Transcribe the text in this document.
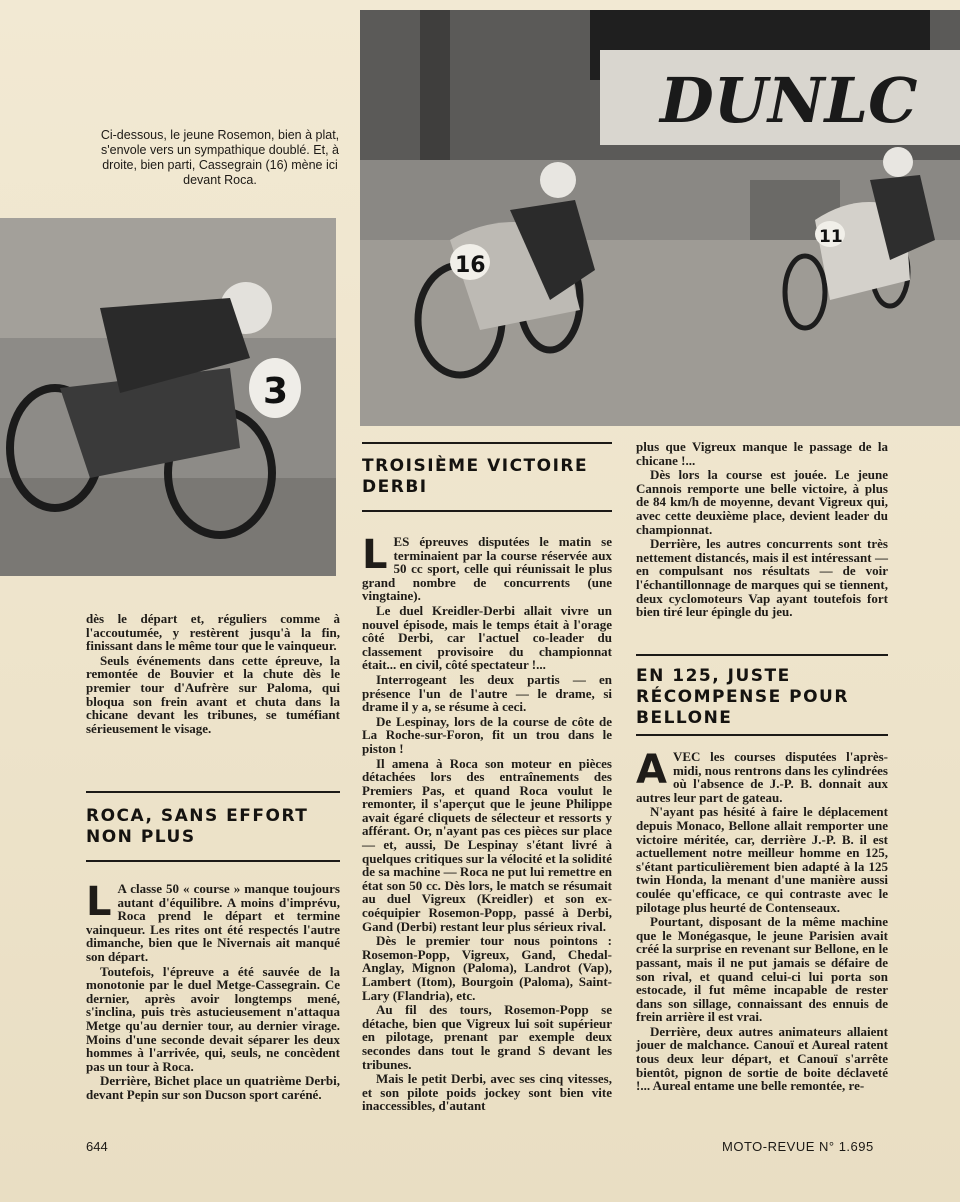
DUNLC
16
11
Ci-dessous, le jeune Rosemon, bien à plat, s'envole vers un sympathique doublé. Et, à droite, bien parti, Cassegrain (16) mène ici devant Roca.
3

dès le départ et, réguliers comme à l'accoutumée, y restèrent jusqu'à la fin, finissant dans le même tour que le vainqueur.

Seuls événements dans cette épreuve, la remontée de Bouvier et la chute dès le premier tour d'Aufrère sur Paloma, qui bloqua son frein avant et chuta dans la chicane devant les tribunes, se tuméfiant sérieusement le visage.

ROCA, SANS EFFORT NON PLUS
L A classe 50 « course » manque toujours autant d'équilibre. A moins d'imprévu, Roca prend le départ et termine vainqueur. Les rites ont été respectés l'autre dimanche, bien que le Nivernais ait manqué son départ.

Toutefois, l'épreuve a été sauvée de la monotonie par le duel Metge-Cassegrain. Ce dernier, après avoir longtemps mené, s'inclina, puis très astucieusement n'attaqua Metge qu'au dernier tour, au dernier virage. Moins d'une seconde devait séparer les deux hommes à l'arrivée, qui, seuls, ne concèdent pas un tour à Roca.

Derrière, Bichet place un quatrième Derbi, devant Pepin sur son Ducson sport caréné.

TROISIÈME VICTOIRE DERBI
L ES épreuves disputées le matin se terminaient par la course réservée aux 50 cc sport, celle qui réunissait le plus grand nombre de concurrents (une vingtaine).

Le duel Kreidler-Derbi allait vivre un nouvel épisode, mais le temps était à l'orage côté Derbi, car l'actuel co-leader du classement provisoire du championnat était... en civil, côté spectateur !...

Interrogeant les deux partis — en présence l'un de l'autre — le drame, si drame il y a, se résume à ceci.

De Lespinay, lors de la course de côte de La Roche-sur-Foron, fit un trou dans le piston !

Il amena à Roca son moteur en pièces détachées lors des entraînements des Premiers Pas, et quand Roca voulut le remonter, il s'aperçut que le jeune Philippe avait égaré cliquets de sélecteur et ressorts y afférant. Or, n'ayant pas ces pièces sur place — et, aussi, De Lespinay s'étant livré à quelques critiques sur la vélocité et la solidité de sa machine — Roca ne put lui remettre en état son 50 cc. Dès lors, le match se résumait au duel Vigreux (Kreidler) et son ex-coéquipier Rosemon-Popp, passé à Derbi, Gand (Derbi) restant leur plus sérieux rival.

Dès le premier tour nous pointons : Rosemon-Popp, Vigreux, Gand, Chedal-Anglay, Mignon (Paloma), Landrot (Vap), Lambert (Itom), Bourgoin (Paloma), Saint-Lary (Flandria), etc.

Au fil des tours, Rosemon-Popp se détache, bien que Vigreux lui soit supérieur en pilotage, prenant par exemple deux secondes dans tout le grand S devant les tribunes.

Mais le petit Derbi, avec ses cinq vitesses, et son pilote poids jockey sont bien vite inaccessibles, d'autant

plus que Vigreux manque le passage de la chicane !...

Dès lors la course est jouée. Le jeune Cannois remporte une belle victoire, à plus de 84 km/h de moyenne, devant Vigreux qui, avec cette deuxième place, devient leader du championnat.

Derrière, les autres concurrents sont très nettement distancés, mais il est intéressant — en compulsant nos résultats — de voir l'échantillonnage de marques qui se tiennent, deux cyclomoteurs Vap ayant toutefois fort bien tiré leur épingle du jeu.

EN 125, JUSTE RÉCOMPENSE POUR BELLONE
A VEC les courses disputées l'après-midi, nous rentrons dans les cylindrées où l'absence de J.-P. B. donnait aux autres leur part de gateau.

N'ayant pas hésité à faire le déplacement depuis Monaco, Bellone allait remporter une victoire méritée, car, derrière J.-P. B. il est actuellement notre meilleur homme en 125, s'étant particulièrement bien adapté à la 125 twin Honda, la menant d'une manière aussi coulée qu'efficace, ce qui contraste avec le pilotage plus heurté de Contenseaux.

Pourtant, disposant de la même machine que le Monégasque, le jeune Parisien avait créé la surprise en revenant sur Bellone, en le passant, mais il ne put jamais se défaire de son rival, et quand celui-ci lui porta son estocade, il fut même incapable de rester dans son sillage, connaissant des ennuis de frein arrière il est vrai.

Derrière, deux autres animateurs allaient jouer de malchance. Canouï et Aureal ratent tous deux leur départ, et Canouï s'arrête bientôt, pignon de sortie de boite déclaveté !... Aureal entame une belle remontée, re-

644	MOTO-REVUE N° 1.695
